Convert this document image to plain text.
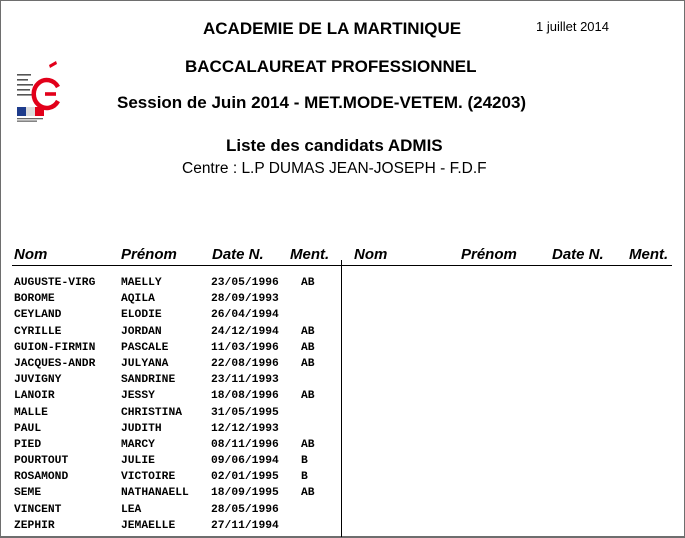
ACADEMIE DE LA MARTINIQUE	1 juillet 2014
BACCALAUREAT PROFESSIONNEL
Session de Juin 2014 - MET.MODE-VETEM. (24203)
Liste des candidats ADMIS
Centre : L.P DUMAS JEAN-JOSEPH - F.D.F
Nom	Prénom Date N. Ment. Nom	Prénom Date N. Ment.
AUGUSTE-VIRG MAELLY	23/05/1996 AB
BOROME	AQILA	28/09/1993
CEYLAND	ELODIE	26/04/1994
CYRILLE	JORDAN	24/12/1994 AB
GUION-FIRMIN PASCALE	11/03/1996 AB
JACQUES-ANDR JULYANA	22/08/1996 AB
JUVIGNY	SANDRINE	23/11/1993
LANOIR	JESSY	18/08/1996 AB
MALLE	CHRISTINA	31/05/1995
PAUL	JUDITH	12/12/1993
PIED	MARCY	08/11/1996 AB
POURTOUT	JULIE	09/06/1994 B
ROSAMOND	VICTOIRE	02/01/1995 B
SEME	NATHANAELL 18/09/1995 AB
VINCENT	LEA	28/05/1996
ZEPHIR	JEMAELLE	27/11/1994
